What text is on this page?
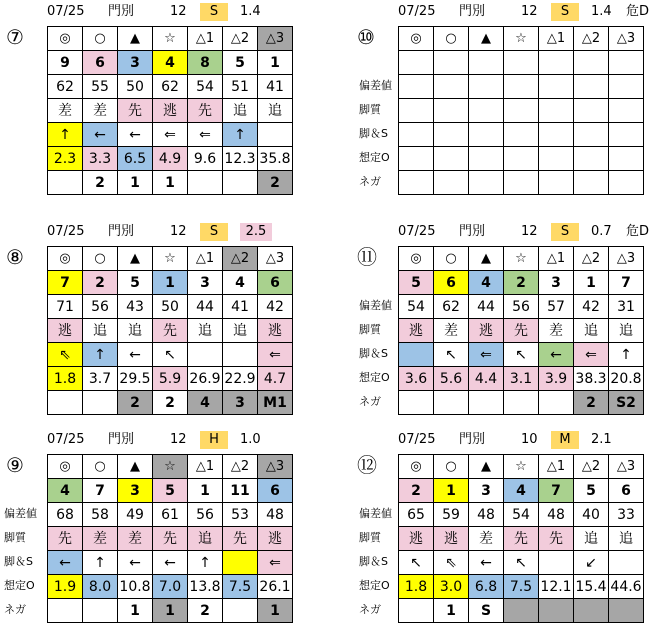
07/25 門別	12	S	1.4
⑦	◎	○	▲	☆	△1	△2	△3
9	6	3	4	8	5	1
62	55	50	62	54	51	41
差	差	先	逃	先	追	追
↑	←	←	⇐	⇐	↑	
2.3	3.3	6.5	4.9	9.6	12.3	35.8
	2	1	1			2
07/25 門別	12	S	1.4 危D
⑩
偏差値
脚質
脚＆S
想定O
ネガ
◎	○	▲	☆	△1	△2	△3

07/25 門別	12	S	2.5
⑧	◎	○	▲	☆	△1	△2	△3
7	2	5	1	3	4	6
71	56	43	50	44	41	42
逃	追	追	先	追	追	逃
⇖	↑	←	↖			⇐
1.8	3.7	29.5	5.9	26.9	22.9	4.7
		2	2	4	3	M1
07/25 門別	12	S	0.7 危D
⑪
偏差値
脚質
脚＆S
想定O
ネガ
◎	○	▲	☆	△1	△2	△3
5	6	4	2	3	1	7
54	62	44	56	57	42	31
逃	差	逃	先	差	追	追
	↖	⇐	↖	←	⇐	↑
3.6	5.6	4.4	3.1	3.9	38.3	20.8
					2	S2
07/25 門別	12	H	1.0
⑨
偏差値
脚質
脚＆S
想定O
ネガ
◎	○	▲	☆	△1	△2	△3
4	7	3	5	1	11	6
68	58	49	61	56	53	48
先	差	差	先	追	先	逃
←	↑	←	←	↑		⇐
1.9	8.0	10.8	7.0	13.8	7.5	26.1
		1	1	2		1
07/25 門別	10	M	2.1
⑫
偏差値
脚質
脚＆S
想定O
ネガ
◎	○	▲	☆	△1	△2	△3
2	1	3	4	7	5	6
65	59	48	54	48	40	33
逃	逃	差	先	先	追	追
↖	⇖	←	↖		↙	
1.8	3.0	6.8	7.5	12.1	15.4	44.6
	1	S				
